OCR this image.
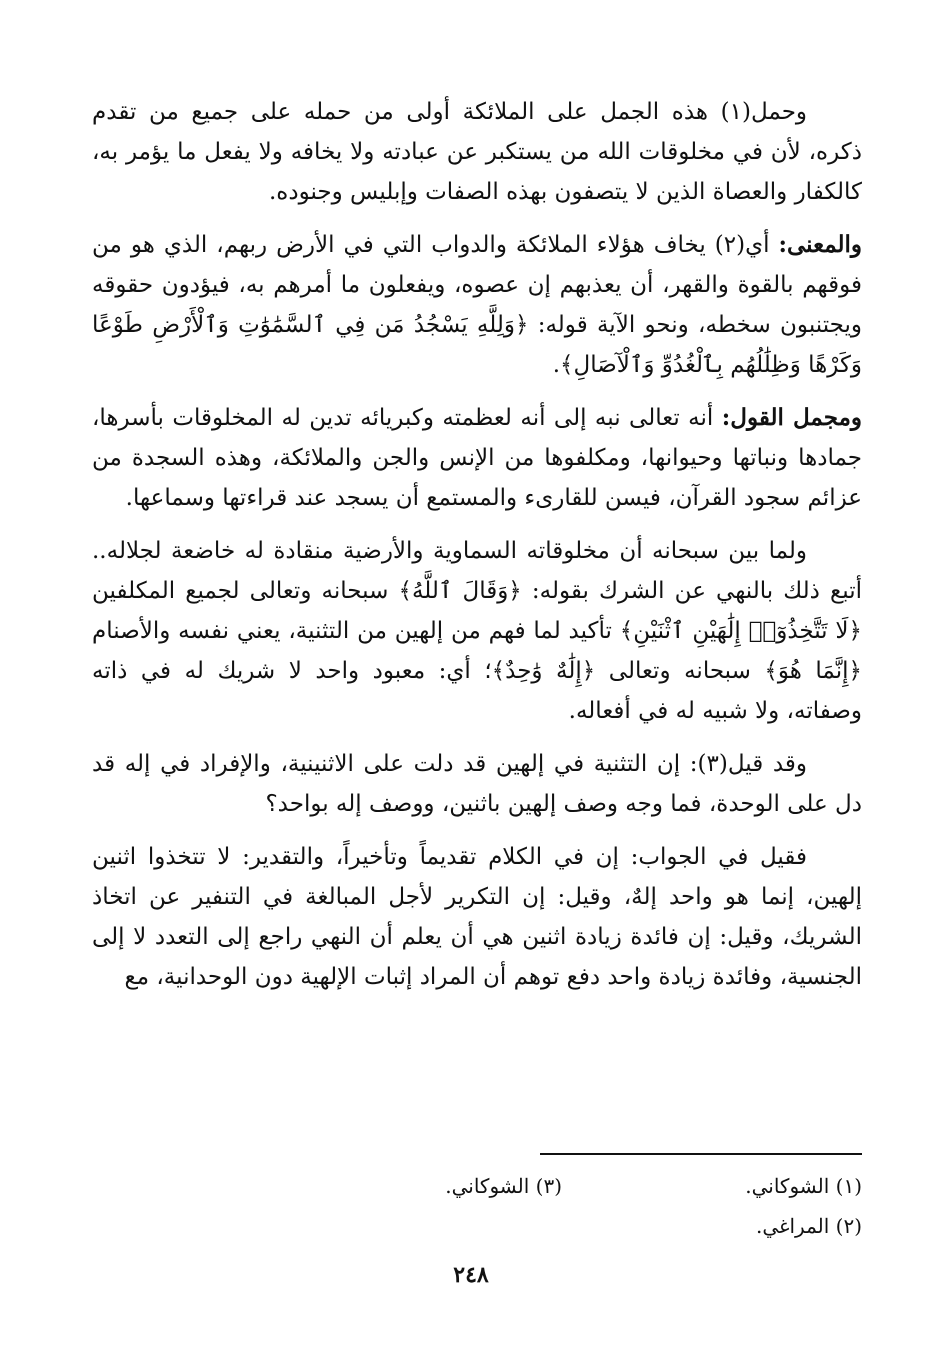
وحمل(١) هذه الجمل على الملائكة أولى من حمله على جميع من تقدم ذكره، لأن في مخلوقات الله من يستكبر عن عبادته ولا يخافه ولا يفعل ما يؤمر به، كالكفار والعصاة الذين لا يتصفون بهذه الصفات وإبليس وجنوده.

والمعنى: أي(٢) يخاف هؤلاء الملائكة والدواب التي في الأرض ربهم، الذي هو من فوقهم بالقوة والقهر، أن يعذبهم إن عصوه، ويفعلون ما أمرهم به، فيؤدون حقوقه ويجتنبون سخطه، ونحو الآية قوله: ﴿وَلِلَّهِ يَسْجُدُ مَن فِي ٱلسَّمَٰوَٰتِ وَٱلْأَرْضِ طَوْعًا وَكَرْهًا وَظِلَٰلُهُم بِٱلْغُدُوِّ وَٱلْآصَالِ﴾.

ومجمل القول: أنه تعالى نبه إلى أنه لعظمته وكبريائه تدين له المخلوقات بأسرها، جمادها ونباتها وحيوانها، ومكلفوها من الإنس والجن والملائكة، وهذه السجدة من عزائم سجود القرآن، فيسن للقارىء والمستمع أن يسجد عند قراءتها وسماعها.

ولما بين سبحانه أن مخلوقاته السماوية والأرضية منقادة له خاضعة لجلاله.. أتبع ذلك بالنهي عن الشرك بقوله: ﴿وَقَالَ ٱللَّهُ﴾ سبحانه وتعالى لجميع المكلفين ﴿لَا تَتَّخِذُوٓا۟ إِلَٰهَيْنِ ٱثْنَيْنِ﴾ تأكيد لما فهم من إلهين من التثنية، يعني نفسه والأصنام ﴿إِنَّمَا هُوَ﴾ سبحانه وتعالى ﴿إِلَٰهٌ وَٰحِدٌ﴾؛ أي: معبود واحد لا شريك له في ذاته وصفاته، ولا شبيه له في أفعاله.

وقد قيل(٣): إن التثنية في إلهين قد دلت على الاثنينية، والإفراد في إله قد دل على الوحدة، فما وجه وصف إلهين باثنين، ووصف إله بواحد؟

فقيل في الجواب: إن في الكلام تقديماً وتأخيراً، والتقدير: لا تتخذوا اثنين إلهين، إنما هو واحد إلهٌ، وقيل: إن التكرير لأجل المبالغة في التنفير عن اتخاذ الشريك، وقيل: إن فائدة زيادة اثنين هي أن يعلم أن النهي راجع إلى التعدد لا إلى الجنسية، وفائدة زيادة واحد دفع توهم أن المراد إثبات الإلهية دون الوحدانية، مع

(١) الشوكاني.
(٣) الشوكاني.
(٢) المراغي.
٢٤٨
